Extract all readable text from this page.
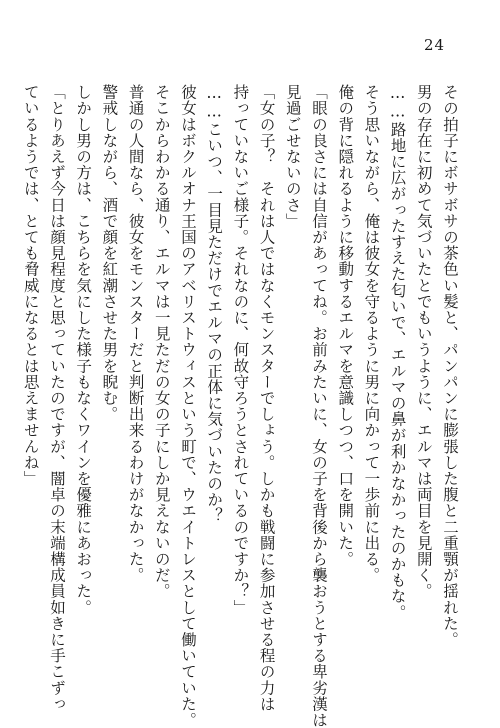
24
その拍子にボサボサの茶色い髪と、パンパンに膨張した腹と二重顎が揺れた。
男の存在に初めて気づいたとでもいうように、エルマは両目を見開く。
……路地に広がったすえた匂いで、エルマの鼻が利かなかったのかもな。
そう思いながら、俺は彼女を守るように男に向かって一歩前に出る。
俺の背に隠れるように移動するエルマを意識しつつ、口を開いた。
「眼の良さには自信があってね。お前みたいに、女の子を背後から襲おうとする卑劣漢は
見過ごせないのさ」
「女の子？　それは人ではなくモンスターでしょう。しかも戦闘に参加させる程の力は
持っていないご様子。それなのに、何故守ろうとされているのですか？」
……こいつ、一目見ただけでエルマの正体に気づいたのか？
彼女はボクルオナ王国のアベリストウィスという町で、ウエイトレスとして働いていた。
そこからわかる通り、エルマは一見ただの女の子にしか見えないのだ。
普通の人間なら、彼女をモンスターだと判断出来るわけがなかった。
警戒しながら、酒で顔を紅潮させた男を睨む。
しかし男の方は、こちらを気にした様子もなくワインを優雅にあおった。
「とりあえず今日は顔見程度と思っていたのですが、闇卓の末端構成員如きに手こずっ
ているようでは、とても脅威になるとは思えませんね」
